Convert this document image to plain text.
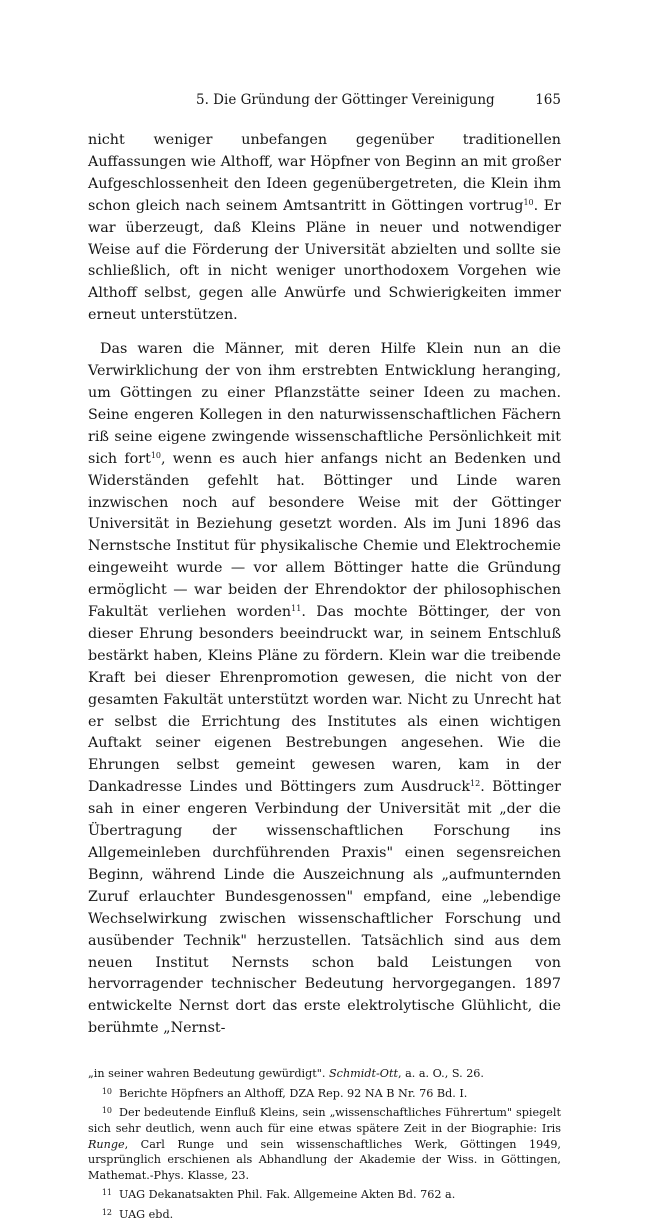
5. Die Gründung der Göttinger Vereinigung	165

nicht weniger unbefangen gegenüber traditionellen Auffassungen wie Althoff, war Höpfner von Beginn an mit großer Aufgeschlossenheit den Ideen gegenübergetreten, die Klein ihm schon gleich nach seinem Amtsantritt in Göttingen vortrug$^{10}$. Er war überzeugt, daß Kleins Pläne in neuer und notwendiger Weise auf die Förderung der Universität abzielten und sollte sie schließlich, oft in nicht weniger unorthodoxem Vorgehen wie Althoff selbst, gegen alle Anwürfe und Schwierigkeiten immer erneut unterstützen.

Das waren die Männer, mit deren Hilfe Klein nun an die Verwirklichung der von ihm erstrebten Entwicklung heranging, um Göttingen zu einer Pflanzstätte seiner Ideen zu machen. Seine engeren Kollegen in den naturwissenschaftlichen Fächern riß seine eigene zwingende wissenschaftliche Persönlichkeit mit sich fort$^{10}$, wenn es auch hier anfangs nicht an Bedenken und Widerständen gefehlt hat. Böttinger und Linde waren inzwischen noch auf besondere Weise mit der Göttinger Universität in Beziehung gesetzt worden. Als im Juni 1896 das Nernstsche Institut für physikalische Chemie und Elektrochemie eingeweiht wurde — vor allem Böttinger hatte die Gründung ermöglicht — war beiden der Ehrendoktor der philosophischen Fakultät verliehen worden$^{11}$. Das mochte Böttinger, der von dieser Ehrung besonders beeindruckt war, in seinem Entschluß bestärkt haben, Kleins Pläne zu fördern. Klein war die treibende Kraft bei dieser Ehrenpromotion gewesen, die nicht von der gesamten Fakultät unterstützt worden war. Nicht zu Unrecht hat er selbst die Errichtung des Institutes als einen wichtigen Auftakt seiner eigenen Bestrebungen angesehen. Wie die Ehrungen selbst gemeint gewesen waren, kam in der Dankadresse Lindes und Böttingers zum Ausdruck$^{12}$. Böttinger sah in einer engeren Verbindung der Universität mit „der die Übertragung der wissenschaftlichen Forschung ins Allgemeinleben durchführenden Praxis" einen segensreichen Beginn, während Linde die Auszeichnung als „aufmunternden Zuruf erlauchter Bundesgenossen" empfand, eine „lebendige Wechselwirkung zwischen wissenschaftlicher Forschung und ausübender Technik" herzustellen. Tatsächlich sind aus dem neuen Institut Nernsts schon bald Leistungen von hervorragender technischer Bedeutung hervorgegangen. 1897 entwickelte Nernst dort das erste elektrolytische Glühlicht, die berühmte „Nernst-

„in seiner wahren Bedeutung gewürdigt". Schmidt-Ott, a. a. O., S. 26.

10 Berichte Höpfners an Althoff, DZA Rep. 92 NA B Nr. 76 Bd. I.

10 Der bedeutende Einfluß Kleins, sein „wissenschaftliches Führertum" spiegelt sich sehr deutlich, wenn auch für eine etwas spätere Zeit in der Biographie: Iris Runge, Carl Runge und sein wissenschaftliches Werk, Göttingen 1949, ursprünglich erschienen als Abhandlung der Akademie der Wiss. in Göttingen, Mathemat.-Phys. Klasse, 23.

11 UAG Dekanatsakten Phil. Fak. Allgemeine Akten Bd. 762 a.

12 UAG ebd.
